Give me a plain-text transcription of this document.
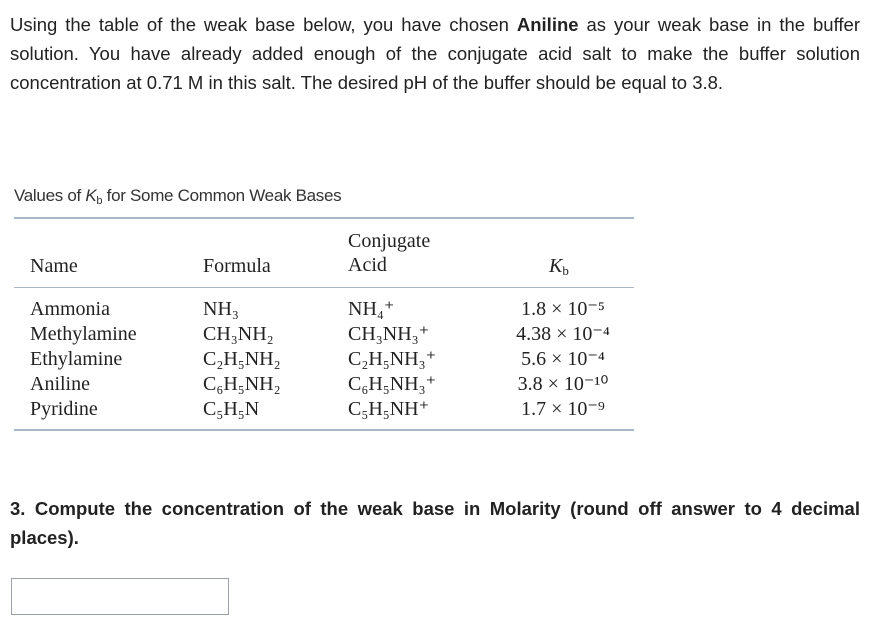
Using the table of the weak base below, you have chosen Aniline as your weak base in the buffer solution. You have already added enough of the conjugate acid salt to make the buffer solution concentration at 0.71 M in this salt. The desired pH of the buffer should be equal to 3.8.

Values of $K_b$ for Some Common Weak Bases
Name	Formula
Conjugate
Acid	$K_b$
Ammonia
Methylamine
Ethylamine
Aniline
Pyridine
NH₃
CH₃NH₂
C₂H₅NH₂
C₆H₅NH₂
C₅H₅N
NH₄⁺
CH₃NH₃⁺
C₂H₅NH₃⁺
C₆H₅NH₃⁺
C₅H₅NH⁺
1.8 × 10⁻⁵
4.38 × 10⁻⁴
5.6 × 10⁻⁴
3.8 × 10⁻¹⁰
1.7 × 10⁻⁹

3. Compute the concentration of the weak base in Molarity (round off answer to 4 decimal places).
